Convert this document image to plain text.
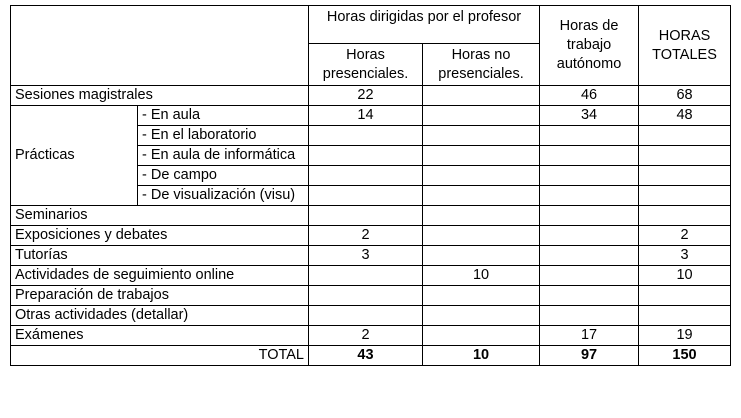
		Horas dirigidas por el profesor		Horas de trabajo autónomo	HORAS TOTALES
		Horas presenciales.	Horas no presenciales.		
Sesiones magistrales		22		46	68
Prácticas	- En aula	14		34	48
	- En el laboratorio				
	- En aula de informática				
	- De campo				
	- De visualización (visu)				
Seminarios					
Exposiciones y debates		2			2
Tutorías		3			3
Actividades de seguimiento online			10		10
Preparación de trabajos					
Otras actividades (detallar)					
Exámenes		2		17	19
TOTAL		43	10	97	150
